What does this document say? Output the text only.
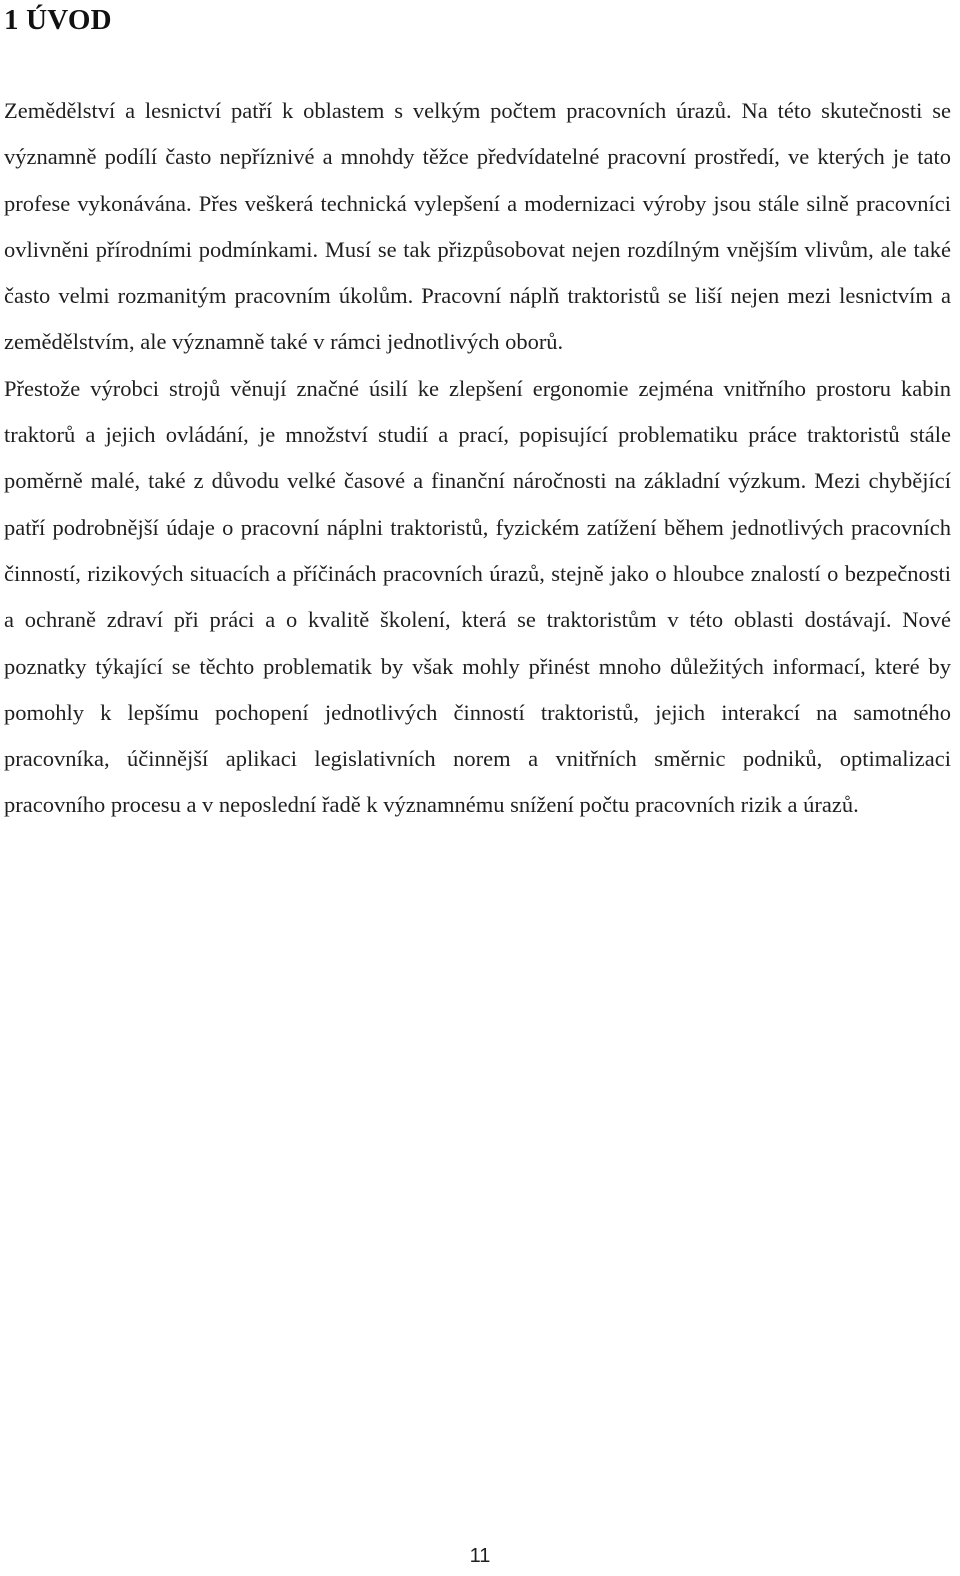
1 ÚVOD

Zemědělství a lesnictví patří k oblastem s velkým počtem pracovních úrazů. Na této skutečnosti se významně podílí často nepříznivé a mnohdy těžce předvídatelné pracovní prostředí, ve kterých je tato profese vykonávána. Přes veškerá technická vylepšení a modernizaci výroby jsou stále silně pracovníci ovlivněni přírodními podmínkami. Musí se tak přizpůsobovat nejen rozdílným vnějším vlivům, ale také často velmi rozmanitým pracovním úkolům. Pracovní náplň traktoristů se liší nejen mezi lesnictvím a zemědělstvím, ale významně také v rámci jednotlivých oborů.

Přestože výrobci strojů věnují značné úsilí ke zlepšení ergonomie zejména vnitřního prostoru kabin traktorů a jejich ovládání, je množství studií a prací, popisující problematiku práce traktoristů stále poměrně malé, také z důvodu velké časové a finanční náročnosti na základní výzkum. Mezi chybějící patří podrobnější údaje o pracovní náplni traktoristů, fyzickém zatížení během jednotlivých pracovních činností, rizikových situacích a příčinách pracovních úrazů, stejně jako o hloubce znalostí o bezpečnosti a ochraně zdraví při práci a o kvalitě školení, která se traktoristům v této oblasti dostávají. Nové poznatky týkající se těchto problematik by však mohly přinést mnoho důležitých informací, které by pomohly k lepšímu pochopení jednotlivých činností traktoristů, jejich interakcí na samotného pracovníka, účinnější aplikaci legislativních norem a vnitřních směrnic podniků, optimalizaci pracovního procesu a v neposlední řadě k významnému snížení počtu pracovních rizik a úrazů.

11
